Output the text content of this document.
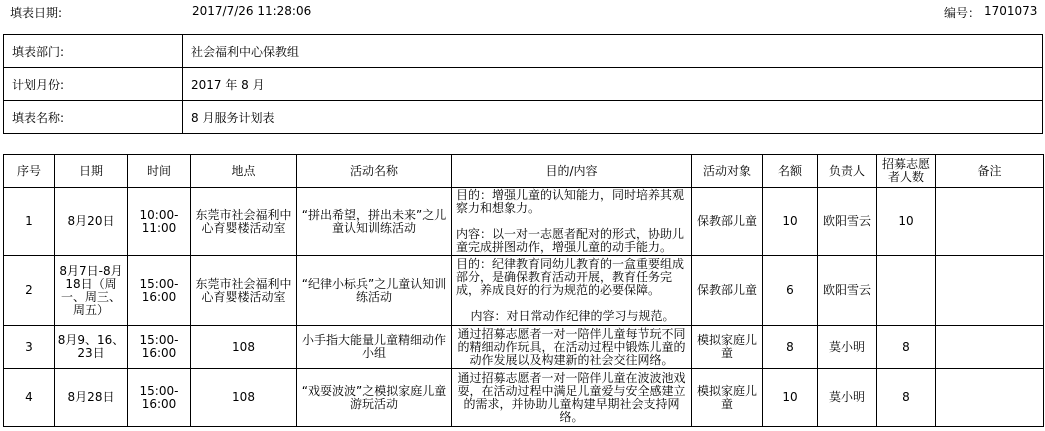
填表日期:	2017/7/26 11:28:06	编号： 1701073
填表部门:	社会福利中心保教组
计划月份:	2017 年 8 月
填表名称:	8 月服务计划表
序号	日期	时间	地点	活动名称	目的/内容	活动对象	名额	负责人	招募志愿者人数	备注
1	8月20日	10:00-11:00	东莞市社会福利中心育婴楼活动室	“拼出希望，拼出未来”之儿童认知训练活动	目的：增强儿童的认知能力，同时培养其观察力和想象力。
内容：以一对一志愿者配对的形式，协助儿童完成拼图动作，增强儿童的动手能力。	保教部儿童	10	欧阳雪云	10	
2	8月7日-8月18日（周一、周三、周五）	15:00-16:00	东莞市社会福利中心育婴楼活动室	“纪律小标兵”之儿童认知训练活动	目的：纪律教育同幼儿教育的一盒重要组成部分，是确保教育活动开展，教育任务完成，养成良好的行为规范的必要保障。
内容：对日常动作纪律的学习与规范。	保教部儿童	6	欧阳雪云		
3	8月9、16、23日	15:00-16:00	108	小手指大能量儿童精细动作小组	通过招募志愿者一对一陪伴儿童每节玩不同的精细动作玩具，在活动过程中锻炼儿童的动作发展以及构建新的社会交往网络。	模拟家庭儿童	8	莫小明	8	
4	8月28日	15:00-16:00	108	“戏耍波波”之模拟家庭儿童游玩活动	通过招募志愿者一对一陪伴儿童在波波池戏耍，在活动过程中满足儿童爱与安全感建立的需求，并协助儿童构建早期社会支持网络。	模拟家庭儿童	10	莫小明	8	
